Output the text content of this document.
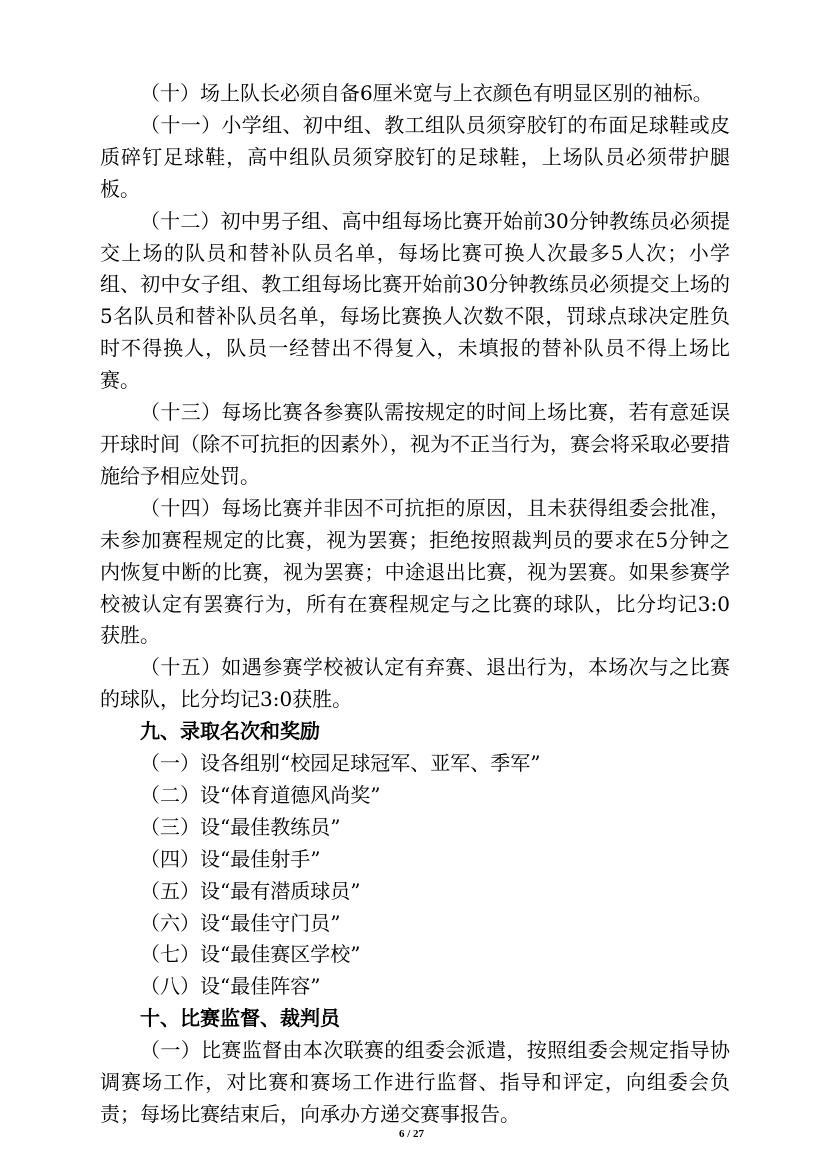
（十）场上队长必须自备6厘米宽与上衣颜色有明显区别的袖标。

（十一）小学组、初中组、教工组队员须穿胶钉的布面足球鞋或皮质碎钉足球鞋，高中组队员须穿胶钉的足球鞋，上场队员必须带护腿板。

（十二）初中男子组、高中组每场比赛开始前30分钟教练员必须提交上场的队员和替补队员名单，每场比赛可换人次最多5人次；小学组、初中女子组、教工组每场比赛开始前30分钟教练员必须提交上场的5名队员和替补队员名单，每场比赛换人次数不限，罚球点球决定胜负时不得换人，队员一经替出不得复入，未填报的替补队员不得上场比赛。

（十三）每场比赛各参赛队需按规定的时间上场比赛，若有意延误开球时间（除不可抗拒的因素外），视为不正当行为，赛会将采取必要措施给予相应处罚。

（十四）每场比赛并非因不可抗拒的原因，且未获得组委会批准，未参加赛程规定的比赛，视为罢赛；拒绝按照裁判员的要求在5分钟之内恢复中断的比赛，视为罢赛；中途退出比赛，视为罢赛。如果参赛学校被认定有罢赛行为，所有在赛程规定与之比赛的球队，比分均记3:0获胜。

（十五）如遇参赛学校被认定有弃赛、退出行为，本场次与之比赛的球队，比分均记3:0获胜。

九、录取名次和奖励

（一）设各组别“校园足球冠军、亚军、季军”

（二）设“体育道德风尚奖”

（三）设“最佳教练员”

（四）设“最佳射手”

（五）设“最有潜质球员”

（六）设“最佳守门员”

（七）设“最佳赛区学校”

（八）设“最佳阵容”

十、比赛监督、裁判员

（一）比赛监督由本次联赛的组委会派遣，按照组委会规定指导协调赛场工作，对比赛和赛场工作进行监督、指导和评定，向组委会负责；每场比赛结束后，向承办方递交赛事报告。

6 / 27
